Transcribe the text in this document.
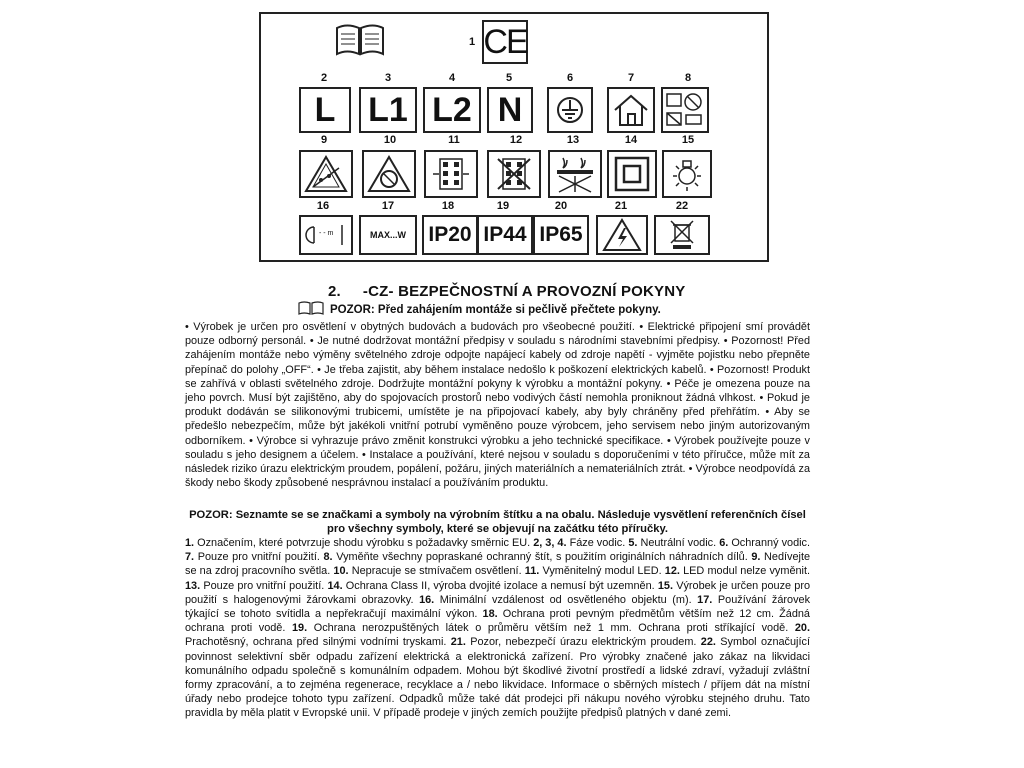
1 CE
2
L
3
L1
4
L2
5
N
6	7	8
9	10	11	12	13	14	15
16
- - m
17
MAX...W
18
IP20
19
IP44
20
IP65
21	22
2. -CZ- BEZPEČNOSTNÍ A PROVOZNÍ POKYNY
POZOR: Před zahájením montáže si pečlivě přečtete pokyny.
• Výrobek je určen pro osvětlení v obytných budovách a budovách pro všeobecné použití. • Elektrické připojení smí provádět pouze odborný personál. • Je nutné dodržovat montážní předpisy v souladu s národními stavebními předpisy. • Pozornost! Před zahájením montáže nebo výměny světelného zdroje odpojte napájecí kabely od zdroje napětí - vyjměte pojistku nebo přepněte přepínač do polohy „OFF“. • Je třeba zajistit, aby během instalace nedošlo k poškození elektrických kabelů. • Pozornost! Produkt se zahřívá v oblasti světelného zdroje. Dodržujte montážní pokyny k výrobku a montážní pokyny. • Péče je omezena pouze na jeho povrch. Musí být zajištěno, aby do spojovacích prostorů nebo vodivých částí nemohla proniknout žádná vlhkost. • Pokud je produkt dodáván se silikonovými trubicemi, umístěte je na připojovací kabely, aby byly chráněny před přehřátím. • Aby se předešlo nebezpečím, může být jakékoli vnitřní potrubí vyměněno pouze výrobcem, jeho servisem nebo jiným autorizovaným odborníkem. • Výrobce si vyhrazuje právo změnit konstrukci výrobku a jeho technické specifikace. • Výrobek používejte pouze v souladu s jeho designem a účelem. • Instalace a používání, které nejsou v souladu s doporučeními v této příručce, může mít za následek riziko úrazu elektrickým proudem, popálení, požáru, jiných materiálních a nemateriálních ztrát. • Výrobce neodpovídá za škody nebo škody způsobené nesprávnou instalací a používáním produktu.
POZOR: Seznamte se se značkami a symboly na výrobním štítku a na obalu. Následuje vysvětlení referenčních čísel pro všechny symboly, které se objevují na začátku této příručky.
1. Označením, které potvrzuje shodu výrobku s požadavky směrnic EU. 2, 3, 4. Fáze vodic. 5. Neutrální vodic. 6. Ochranný vodic. 7. Pouze pro vnitřní použití. 8. Vyměňte všechny popraskané ochranný štít, s použitím originálních náhradních dílů. 9. Nedívejte se na zdroj pracovního světla. 10. Nepracuje se stmívačem osvětlení. 11. Vyměnitelný modul LED. 12. LED modul nelze vyměnit. 13. Pouze pro vnitřní použití. 14. Ochrana Class II, výroba dvojité izolace a nemusí být uzemněn. 15. Výrobek je určen pouze pro použití s halogenovými žárovkami obrazovky. 16. Minimální vzdálenost od osvětleného objektu (m). 17. Používání žárovek týkající se tohoto svítidla a nepřekračují maximální výkon. 18. Ochrana proti pevným předmětům větším než 12 cm. Žádná ochrana proti vodě. 19. Ochrana nerozpuštěných látek o průměru větším než 1 mm. Ochrana proti stříkající vodě. 20. Prachotěsný, ochrana před silnými vodními tryskami. 21. Pozor, nebezpečí úrazu elektrickým proudem. 22. Symbol označující povinnost selektivní sběr odpadu zařízení elektrická a elektronická zařízení. Pro výrobky značené jako zákaz na likvidaci komunálního odpadu společně s komunálním odpadem. Mohou být škodlivé životní prostředí a lidské zdraví, vyžadují zvláštní formy zpracování, a to zejména regenerace, recyklace a / nebo likvidace. Informace o sběrných místech / příjem dát na místní úřady nebo prodejce tohoto typu zařízení. Odpadků může také dát prodejci při nákupu nového výrobku stejného druhu. Tato pravidla by měla platit v Evropské unii. V případě prodeje v jiných zemích použijte předpisů platných v dané zemi.
